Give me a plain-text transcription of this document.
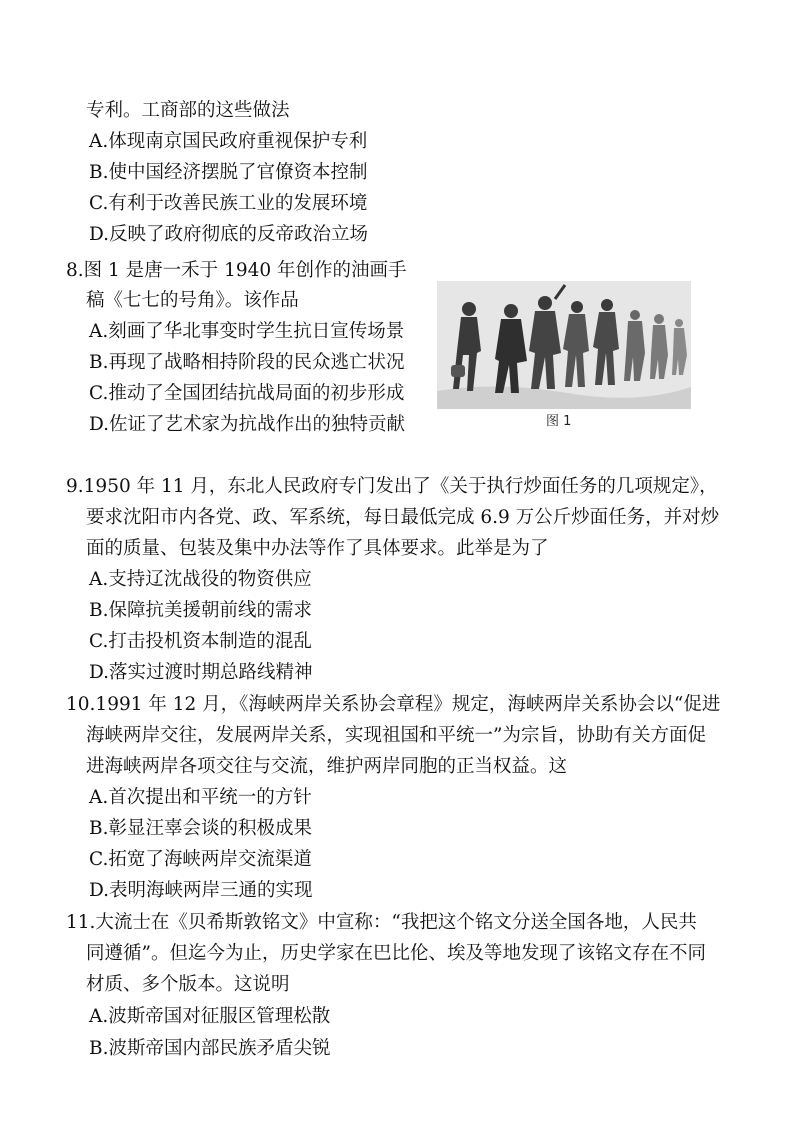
专利。工商部的这些做法
A.体现南京国民政府重视保护专利
B.使中国经济摆脱了官僚资本控制
C.有利于改善民族工业的发展环境
D.反映了政府彻底的反帝政治立场
8.图 1 是唐一禾于 1940 年创作的油画手
稿《七七的号角》。该作品
A.刻画了华北事变时学生抗日宣传场景
B.再现了战略相持阶段的民众逃亡状况
C.推动了全国团结抗战局面的初步形成
D.佐证了艺术家为抗战作出的独特贡献	图 1
9.1950 年 11 月，东北人民政府专门发出了《关于执行炒面任务的几项规定》，
要求沈阳市内各党、政、军系统，每日最低完成 6.9 万公斤炒面任务，并对炒
面的质量、包装及集中办法等作了具体要求。此举是为了
A.支持辽沈战役的物资供应
B.保障抗美援朝前线的需求
C.打击投机资本制造的混乱
D.落实过渡时期总路线精神
10.1991 年 12 月，《海峡两岸关系协会章程》规定，海峡两岸关系协会以“促进
海峡两岸交往，发展两岸关系，实现祖国和平统一”为宗旨，协助有关方面促
进海峡两岸各项交往与交流，维护两岸同胞的正当权益。这
A.首次提出和平统一的方针
B.彰显汪辜会谈的积极成果
C.拓宽了海峡两岸交流渠道
D.表明海峡两岸三通的实现
11.大流士在《贝希斯敦铭文》中宣称：“我把这个铭文分送全国各地，人民共
同遵循”。但迄今为止，历史学家在巴比伦、埃及等地发现了该铭文存在不同
材质、多个版本。这说明
A.波斯帝国对征服区管理松散
B.波斯帝国内部民族矛盾尖锐
